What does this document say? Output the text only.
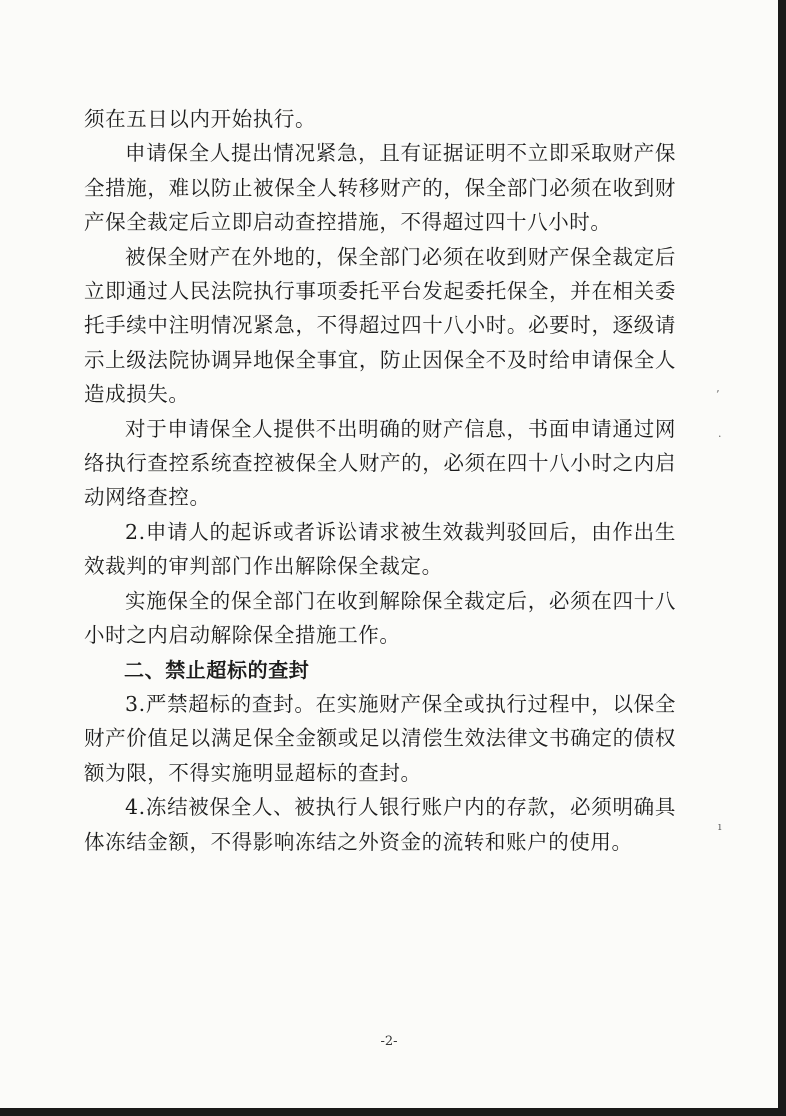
须在五日以内开始执行。

申请保全人提出情况紧急，且有证据证明不立即采取财产保全措施，难以防止被保全人转移财产的，保全部门必须在收到财产保全裁定后立即启动查控措施，不得超过四十八小时。

被保全财产在外地的，保全部门必须在收到财产保全裁定后立即通过人民法院执行事项委托平台发起委托保全，并在相关委托手续中注明情况紧急，不得超过四十八小时。必要时，逐级请示上级法院协调异地保全事宜，防止因保全不及时给申请保全人造成损失。

对于申请保全人提供不出明确的财产信息，书面申请通过网络执行查控系统查控被保全人财产的，必须在四十八小时之内启动网络查控。

2.申请人的起诉或者诉讼请求被生效裁判驳回后，由作出生效裁判的审判部门作出解除保全裁定。

实施保全的保全部门在收到解除保全裁定后，必须在四十八小时之内启动解除保全措施工作。

二、禁止超标的查封

3.严禁超标的查封。在实施财产保全或执行过程中，以保全财产价值足以满足保全金额或足以清偿生效法律文书确定的债权额为限，不得实施明显超标的查封。

4.冻结被保全人、被执行人银行账户内的存款，必须明确具体冻结金额，不得影响冻结之外资金的流转和账户的使用。

-2-
’
·
ı
